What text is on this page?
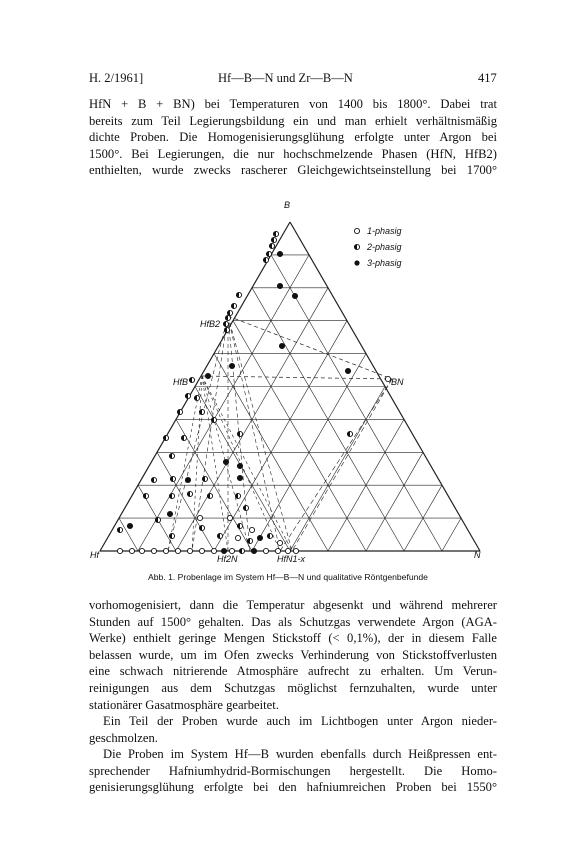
H. 2/1961]	Hf—B—N und Zr—B—N	417
HfN + B + BN) bei Temperaturen von 1400 bis 1800°. Dabei trat
bereits zum Teil Legierungsbildung ein und man erhielt verhältnismäßig
dichte Proben. Die Homogenisierungsglühung erfolgte unter Argon bei
1500°. Bei Legierungen, die nur hochschmelzende Phasen (HfN, HfB2)
enthielten, wurde zwecks rascherer Gleichgewichtseinstellung bei 1700°
B
Hf	N
HfB2
HfB	BN
Hf2N	HfN1-x
1-phasig
2-phasig
3-phasig
Abb. 1. Probenlage im System Hf—B—N und qualitative Röntgenbefunde
vorhomogenisiert, dann die Temperatur abgesenkt und während mehrerer
Stunden auf 1500° gehalten. Das als Schutzgas verwendete Argon (AGA-
Werke) enthielt geringe Mengen Stickstoff (< 0,1%), der in diesem Falle
belassen wurde, um im Ofen zwecks Verhinderung von Stickstoffverlusten
eine schwach nitrierende Atmosphäre aufrecht zu erhalten. Um Verun-
reinigungen aus dem Schutzgas möglichst fernzuhalten, wurde unter
stationärer Gasatmosphäre gearbeitet.
Ein Teil der Proben wurde auch im Lichtbogen unter Argon nieder-
geschmolzen.
Die Proben im System Hf—B wurden ebenfalls durch Heißpressen ent-
sprechender Hafniumhydrid-Bormischungen hergestellt. Die Homo-
genisierungsglühung erfolgte bei den hafniumreichen Proben bei 1550°
